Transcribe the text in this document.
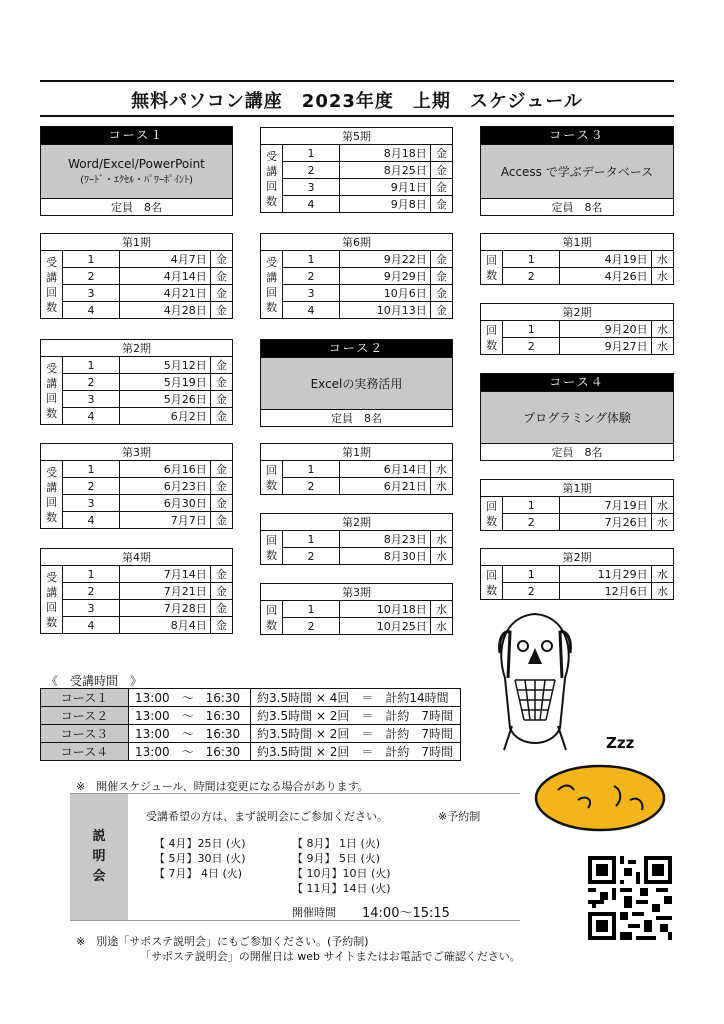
無料パソコン講座　2023年度　上期　スケジュール
コース１
Word/Excel/PowerPoint
(ﾜｰﾄﾞ・ｴｸｾﾙ・ﾊﾟﾜｰﾎﾟｲﾝﾄ)
定員　8名
コース３
Access で学ぶデータベース
定員　8名
コース２
Excelの実務活用
定員　8名
コース４
プログラミング体験
定員　8名
第1期			

受
講
回
数	1	4月7日	金
	2	4月14日	金
	3	4月21日	金
	4	4月28日	金
第2期			

受
講
回
数	1	5月12日	金
	2	5月19日	金
	3	5月26日	金
	4	6月2日	金
第3期			

受
講
回
数	1	6月16日	金
	2	6月23日	金
	3	6月30日	金
	4	7月7日	金
第4期			

受
講
回
数	1	7月14日	金
	2	7月21日	金
	3	7月28日	金
	4	8月4日	金
第5期			

受
講
回
数	1	8月18日	金
	2	8月25日	金
	3	9月1日	金
	4	9月8日	金
第6期			

受
講
回
数	1	9月22日	金
	2	9月29日	金
	3	10月6日	金
	4	10月13日	金
第1期			

回
数	1	6月14日	水
	2	6月21日	水
第2期			

回
数	1	8月23日	水
	2	8月30日	水
第3期			

回
数	1	10月18日	水
	2	10月25日	水
第1期			

回
数	1	4月19日	水
	2	4月26日	水
第2期			

回
数	1	9月20日	水
	2	9月27日	水
第1期			

回
数	1	7月19日	水
	2	7月26日	水
第2期			

回
数	1	11月29日	水
	2	12月6日	水
Zzz
《　受講時間　》
コース１	13:00　～　16:30	約3.5時間 × 4回　＝　計約14時間
コース２	13:00　～　16:30	約3.5時間 × 2回　＝　計約　7時間
コース３	13:00　～　16:30	約3.5時間 × 2回　＝　計約　7時間
コース４	13:00　～　16:30	約3.5時間 × 2回　＝　計約　7時間
※　開催スケジュール、時間は変更になる場合があります。
説
明
会
受講希望の方は、まず説明会にご参加ください。	※予約制
【 4月】25日 (火)
【 5月】30日 (火)
【 7月】 4日 (火)
【 8月】 1日 (火)
【 9月】 5日 (火)
【 10月】10日 (火)
【 11月】14日 (火)
開催時間 14:00～15:15
※　別途「サポステ説明会」にもご参加ください。(予約制)
「サポステ説明会」の開催日は web サイトまたはお電話でご確認ください。
